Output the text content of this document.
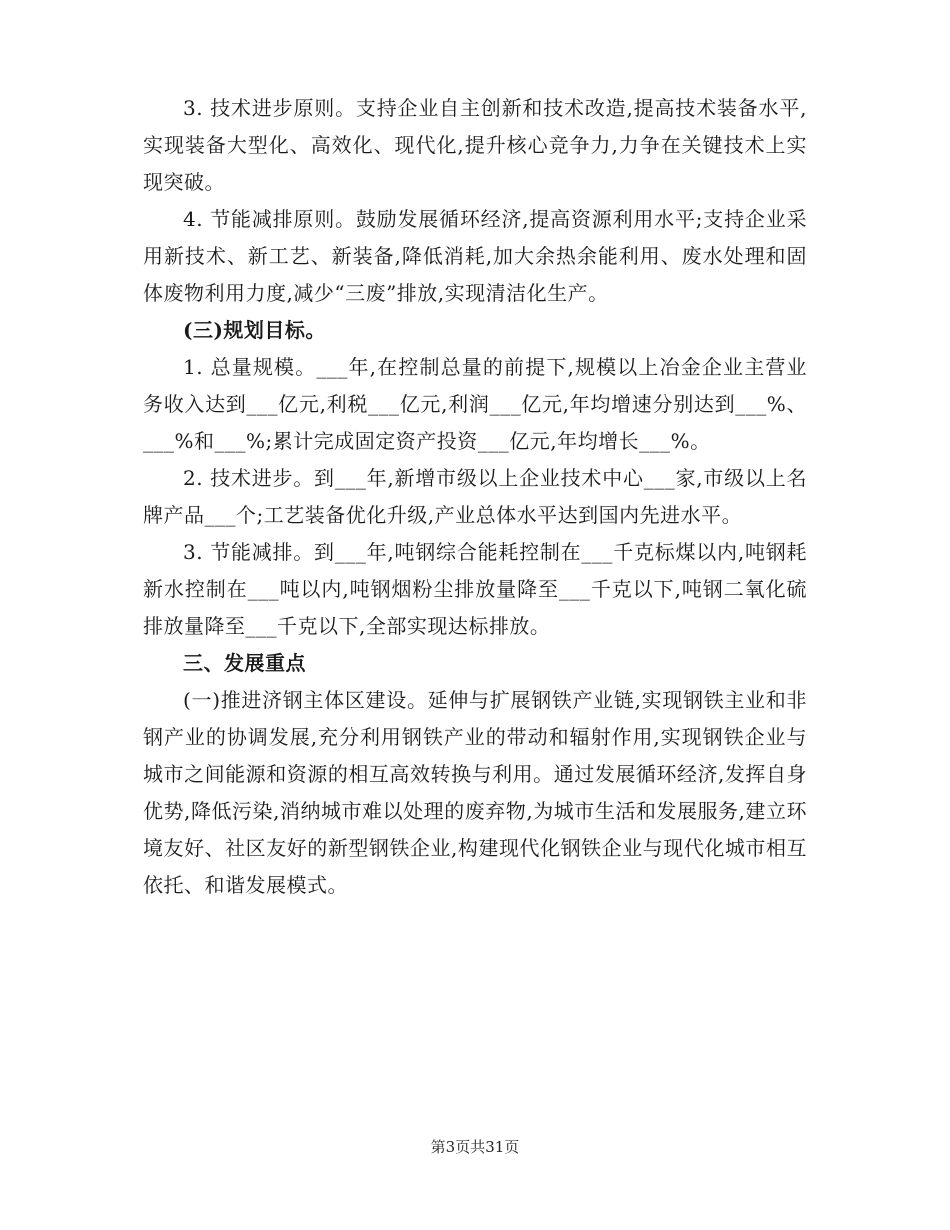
3. 技术进步原则。支持企业自主创新和技术改造,提高技术装备水平,实现装备大型化、高效化、现代化,提升核心竞争力,力争在关键技术上实现突破。

4. 节能减排原则。鼓励发展循环经济,提高资源利用水平;支持企业采用新技术、新工艺、新装备,降低消耗,加大余热余能利用、废水处理和固体废物利用力度,减少“三废”排放,实现清洁化生产。

(三)规划目标。

1. 总量规模。___年,在控制总量的前提下,规模以上冶金企业主营业务收入达到___亿元,利税___亿元,利润___亿元,年均增速分别达到___%、___%和___%;累计完成固定资产投资___亿元,年均增长___%。

2. 技术进步。到___年,新增市级以上企业技术中心___家,市级以上名牌产品___个;工艺装备优化升级,产业总体水平达到国内先进水平。

3. 节能减排。到___年,吨钢综合能耗控制在___千克标煤以内,吨钢耗新水控制在___吨以内,吨钢烟粉尘排放量降至___千克以下,吨钢二氧化硫排放量降至___千克以下,全部实现达标排放。

三、发展重点

(一)推进济钢主体区建设。延伸与扩展钢铁产业链,实现钢铁主业和非钢产业的协调发展,充分利用钢铁产业的带动和辐射作用,实现钢铁企业与城市之间能源和资源的相互高效转换与利用。通过发展循环经济,发挥自身优势,降低污染,消纳城市难以处理的废弃物,为城市生活和发展服务,建立环境友好、社区友好的新型钢铁企业,构建现代化钢铁企业与现代化城市相互依托、和谐发展模式。

第3页共31页
